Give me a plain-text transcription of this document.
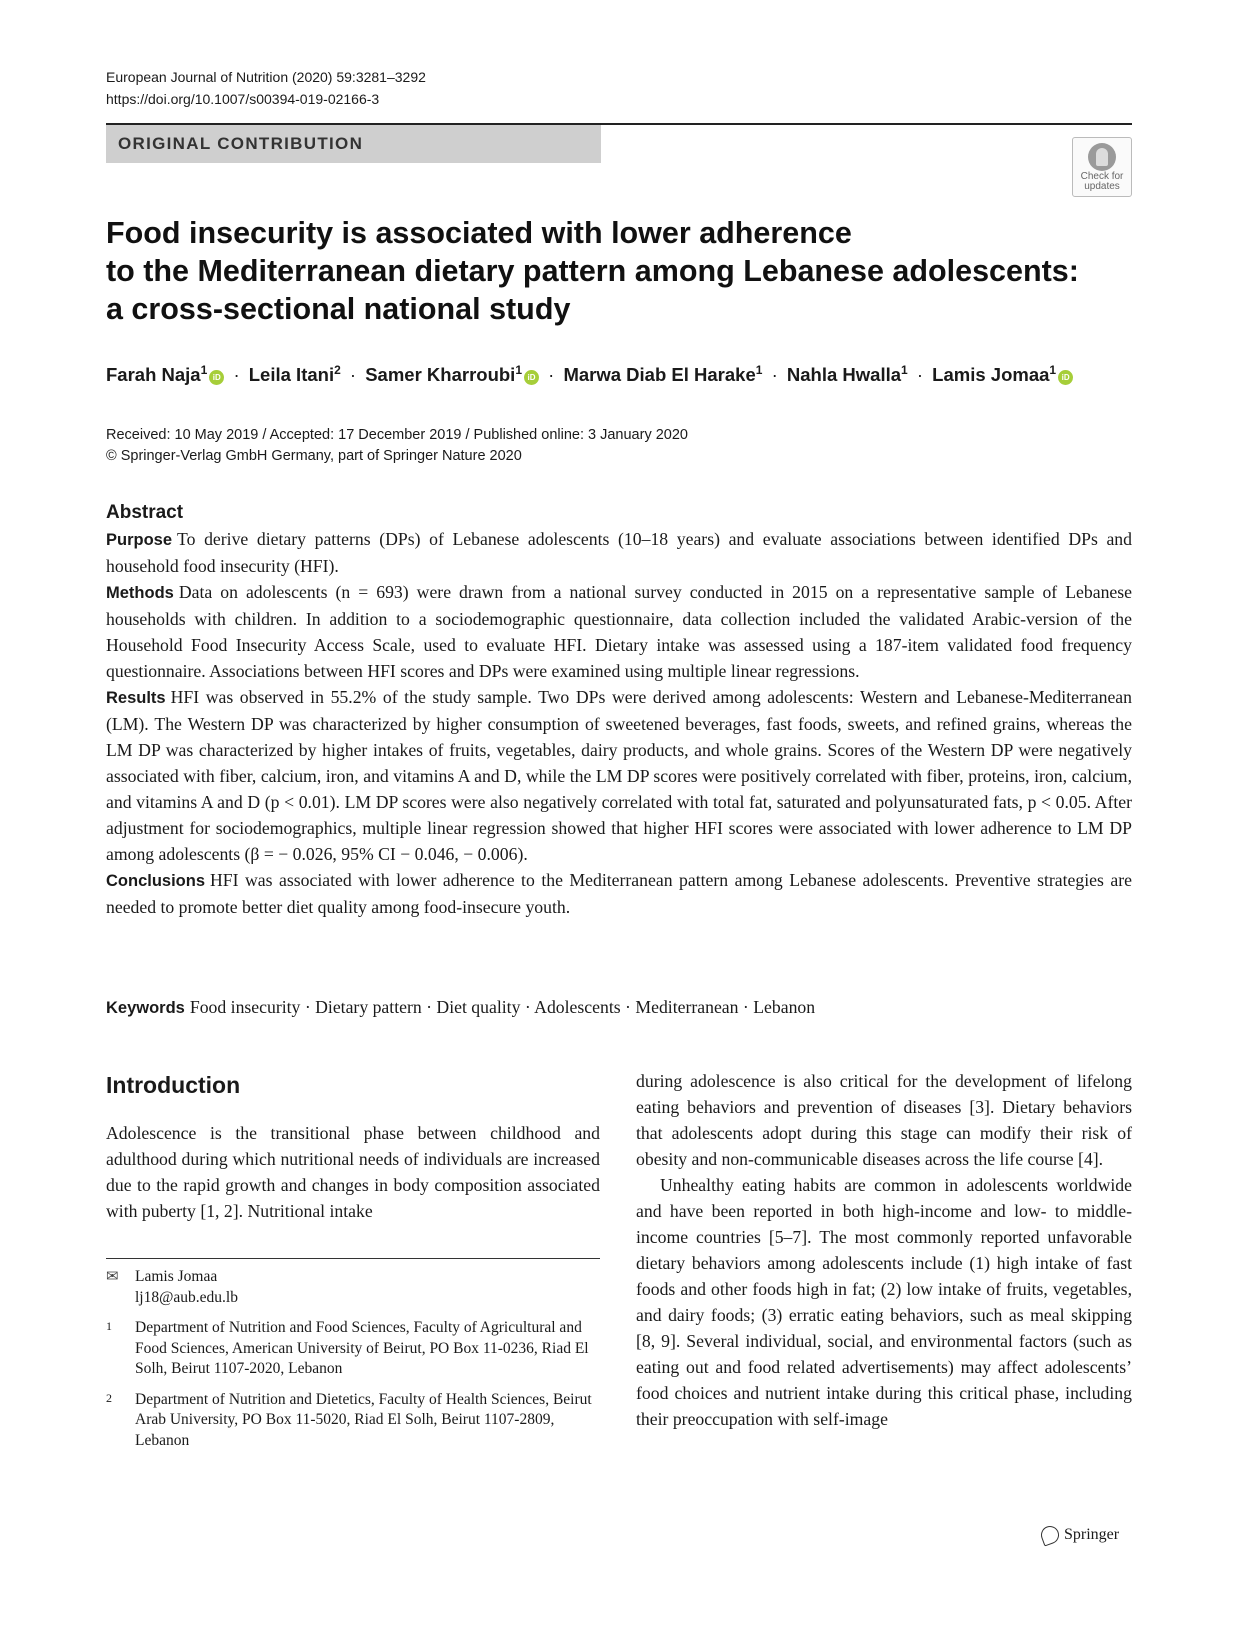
European Journal of Nutrition (2020) 59:3281–3292
https://doi.org/10.1007/s00394-019-02166-3
ORIGINAL CONTRIBUTION
Check for
updates
Food insecurity is associated with lower adherence
to the Mediterranean dietary pattern among Lebanese adolescents:
a cross-sectional national study
Farah Naja$^1$iD · Leila Itani$^2$ · Samer Kharroubi$^1$iD · Marwa Diab El Harake$^1$ · Nahla Hwalla$^1$ · Lamis Jomaa$^1$iD
Received: 10 May 2019 / Accepted: 17 December 2019 / Published online: 3 January 2020
© Springer-Verlag GmbH Germany, part of Springer Nature 2020
Abstract

Purpose To derive dietary patterns (DPs) of Lebanese adolescents (10–18 years) and evaluate associations between identified DPs and household food insecurity (HFI).

Methods Data on adolescents (n = 693) were drawn from a national survey conducted in 2015 on a representative sample of Lebanese households with children. In addition to a sociodemographic questionnaire, data collection included the validated Arabic-version of the Household Food Insecurity Access Scale, used to evaluate HFI. Dietary intake was assessed using a 187-item validated food frequency questionnaire. Associations between HFI scores and DPs were examined using multiple linear regressions.

Results HFI was observed in 55.2% of the study sample. Two DPs were derived among adolescents: Western and Lebanese-Mediterranean (LM). The Western DP was characterized by higher consumption of sweetened beverages, fast foods, sweets, and refined grains, whereas the LM DP was characterized by higher intakes of fruits, vegetables, dairy products, and whole grains. Scores of the Western DP were negatively associated with fiber, calcium, iron, and vitamins A and D, while the LM DP scores were positively correlated with fiber, proteins, iron, calcium, and vitamins A and D (p < 0.01). LM DP scores were also negatively correlated with total fat, saturated and polyunsaturated fats, p < 0.05. After adjustment for sociodemographics, multiple linear regression showed that higher HFI scores were associated with lower adherence to LM DP among adolescents (β = − 0.026, 95% CI − 0.046, − 0.006).

Conclusions HFI was associated with lower adherence to the Mediterranean pattern among Lebanese adolescents. Preventive strategies are needed to promote better diet quality among food-insecure youth.

Keywords Food insecurity · Dietary pattern · Diet quality · Adolescents · Mediterranean · Lebanon
Introduction

Adolescence is the transitional phase between childhood and adulthood during which nutritional needs of individuals are increased due to the rapid growth and changes in body composition associated with puberty [1, 2]. Nutritional intake

✉	Lamis Jomaa
lj18@aub.edu.lb
1	Department of Nutrition and Food Sciences, Faculty of Agricultural and Food Sciences, American University of Beirut, PO Box 11-0236, Riad El Solh, Beirut 1107-2020, Lebanon
2	Department of Nutrition and Dietetics, Faculty of Health Sciences, Beirut Arab University, PO Box 11-5020, Riad El Solh, Beirut 1107-2809, Lebanon

during adolescence is also critical for the development of lifelong eating behaviors and prevention of diseases [3]. Dietary behaviors that adolescents adopt during this stage can modify their risk of obesity and non-communicable diseases across the life course [4].

Unhealthy eating habits are common in adolescents worldwide and have been reported in both high-income and low- to middle-income countries [5–7]. The most commonly reported unfavorable dietary behaviors among adolescents include (1) high intake of fast foods and other foods high in fat; (2) low intake of fruits, vegetables, and dairy foods; (3) erratic eating behaviors, such as meal skipping [8, 9]. Several individual, social, and environmental factors (such as eating out and food related advertisements) may affect adolescents’ food choices and nutrient intake during this critical phase, including their preoccupation with self-image

Springer
